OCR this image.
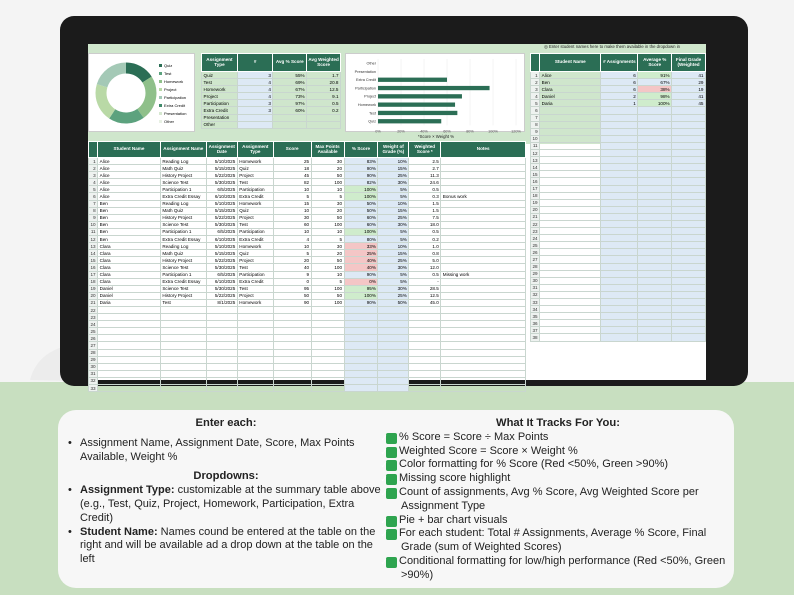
◎ Enter student names here to make them available in the dropdown in
Quiz
Test
Homework
Project
Participation
Extra Credit
Presentation
Other
Assignment Type	#	Avg % Score	Avg Weighted Score
Quiz	3	55%	1.7
Test	4	69%	20.8
Homework	4	67%	12.5
Project	4	73%	9.1
Participation	3	97%	0.5
Extra Credit	3	60%	0.2
Presentation			
Other			
0%	20%	40%	60%	80%	100%	120%
Other
Presentation
Extra Credit
Participation
Project
Homework
Test
Quiz
*Score × Weight %
	Student Name	Assignment Name	Assignment Date	Assignment Type	Score	Max Points Available	% Score	Weight of Grade (%)	Weighted Score *	Notes
1	Alice	Reading Log	5/10/2025	Homework	25	30	83%	10%	2.5	
2	Alice	Math Quiz	5/15/2025	Quiz	18	20	90%	15%	2.7	
3	Alice	History Project	5/22/2025	Project	45	50	90%	25%	11.3	
4	Alice	Science Test	5/30/2025	Test	82	100	82%	30%	24.6	
5	Alice	Participation 1	6/5/2025	Participation	10	10	100%	5%	0.5	
6	Alice	Extra Credit Essay	6/10/2025	Extra Credit	5	5	100%	5%	0.3	Bonus work
7	Ben	Reading Log	5/10/2025	Homework	15	30	50%	10%	1.5	
8	Ben	Math Quiz	5/15/2025	Quiz	10	20	50%	15%	1.5	
9	Ben	History Project	5/22/2025	Project	30	50	60%	25%	7.5	
10	Ben	Science Test	5/30/2025	Test	60	100	60%	30%	18.0	
11	Ben	Participation 1	6/5/2025	Participation	10	10	100%	5%	0.5	
12	Ben	Extra Credit Essay	6/10/2025	Extra Credit	4	5	80%	5%	0.2	
13	Clara	Reading Log	5/10/2025	Homework	10	30	33%	10%	1.0	
14	Clara	Math Quiz	5/15/2025	Quiz	5	20	25%	15%	0.8	
15	Clara	History Project	5/22/2025	Project	20	50	40%	25%	5.0	
16	Clara	Science Test	5/30/2025	Test	40	100	40%	30%	12.0	
17	Clara	Participation 1	6/5/2025	Participation	9	10	90%	5%	0.5	Missing work
18	Clara	Extra Credit Essay	6/10/2025	Extra Credit	0	5	0%	5%	-	
19	Daniel	Science Test	5/30/2025	Test	95	100	95%	30%	28.5	
20	Daniel	History Project	5/22/2025	Project	50	50	100%	25%	12.5	
21	Daria	Test	8/1/2025	Homework	90	100	90%	50%	45.0	
22										
23										
24										
25										
26										
27										
28										
29										
30										
31										
32										
33										
	Student Name	# Assignments	Average % Score	Final Grade (Weighted
1	Alice	6	91%	41
2	Ben	6	67%	29
3	Clara	6	38%	19
4	Daniel	2	98%	41
5	Daria	1	100%	45
6				
7				
8				
9				
10				
11				
12				
13				
14				
15				
16				
17				
18				
19				
20				
21				
22				
23				
24				
25				
26				
27				
28				
29				
30				
31				
32				
33				
34				
35				
36				
37				
38				
Enter each:
• Assignment Name, Assignment Date, Score, Max Points Available, Weight %
Dropdowns:
• Assignment Type: customizable at the summary table above (e.g., Test, Quiz, Project, Homework, Participation, Extra Credit)
• Student Name: Names cound be entered at the table on the right and will be available ad a drop down at the table on the left
What It Tracks For You:
✓ % Score = Score ÷ Max Points
✓ Weighted Score = Score × Weight %
✓ Color formatting for % Score (Red <50%, Green >90%)
✓ Missing score highlight
✓ Count of assignments, Avg % Score, Avg Weighted Score per Assignment Type
✓ Pie + bar chart visuals
✓ For each student: Total # Assignments, Average % Score, Final Grade (sum of Weighted Scores)
✓ Conditional formatting for low/high performance (Red <50%, Green >90%)
